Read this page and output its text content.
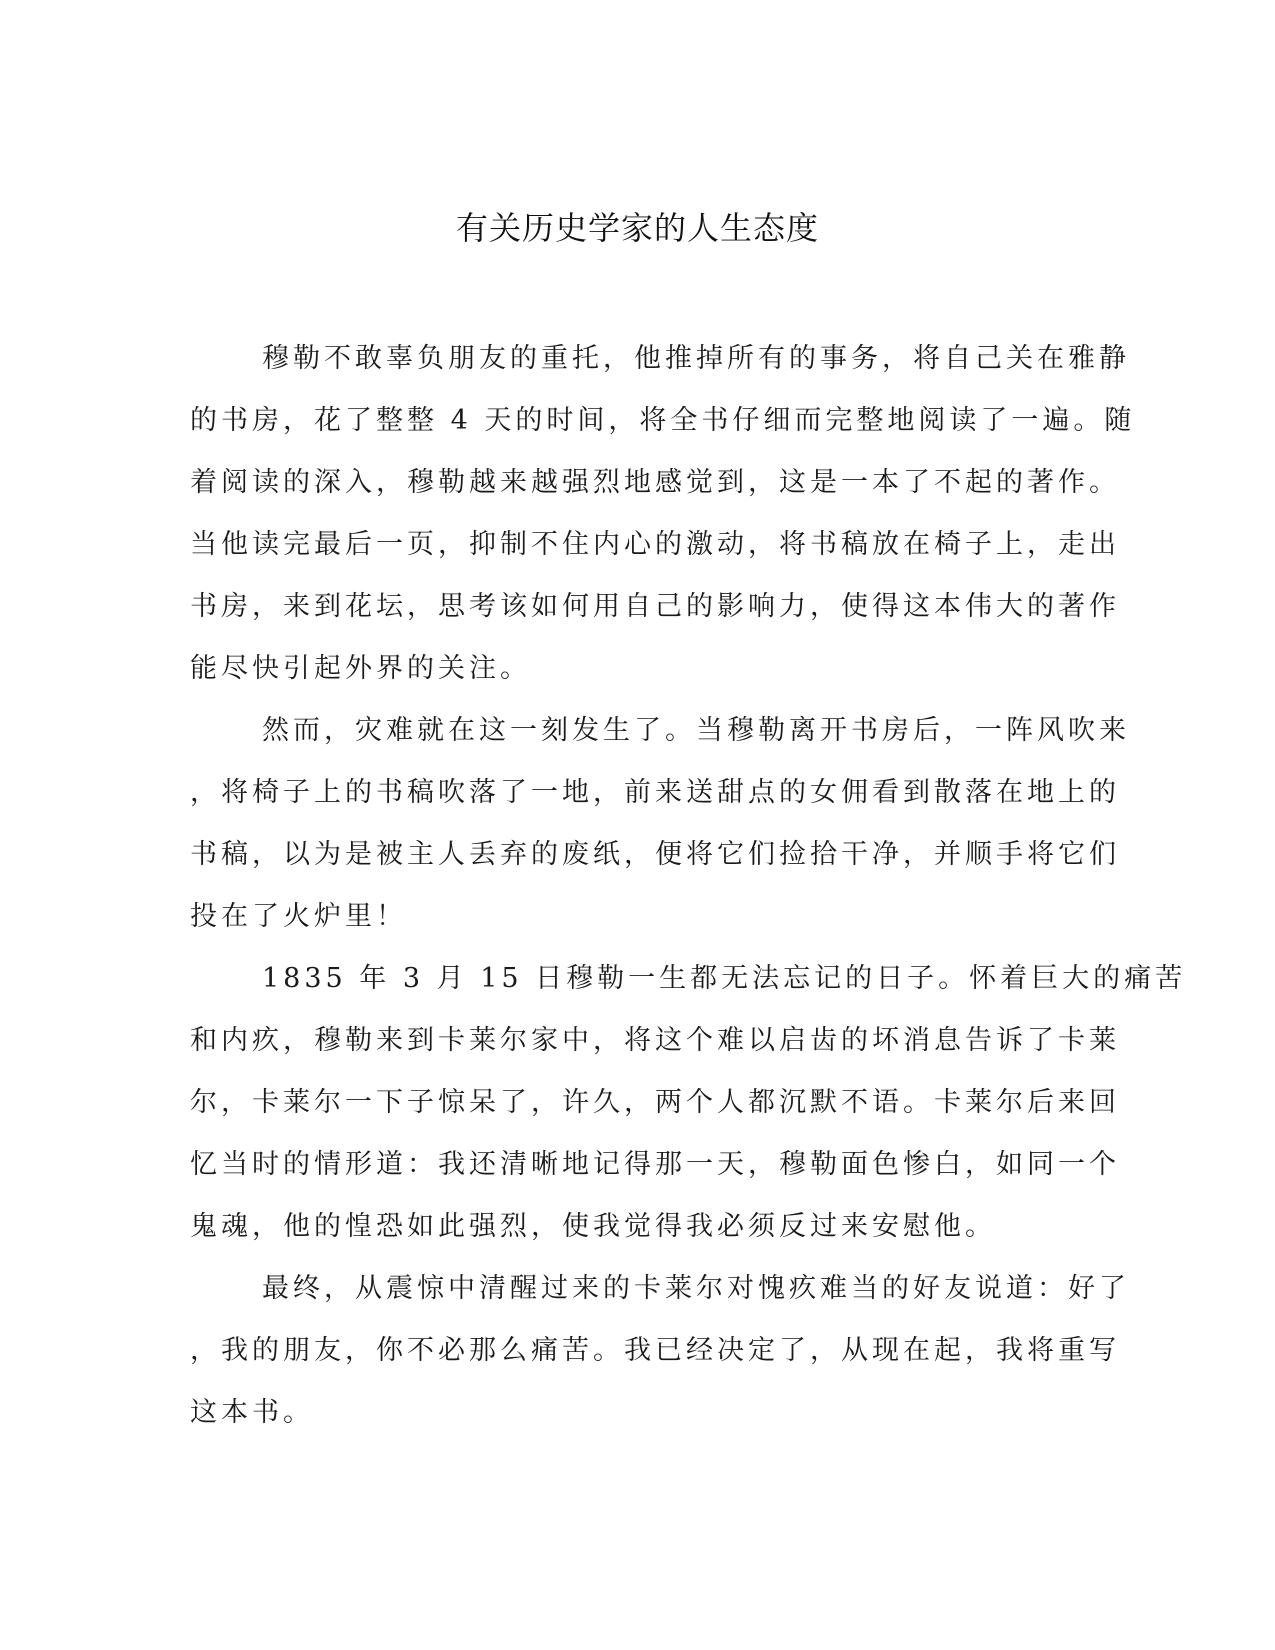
有关历史学家的人生态度
穆勒不敢辜负朋友的重托，他推掉所有的事务，将自己关在雅静
的书房，花了整整 4 天的时间，将全书仔细而完整地阅读了一遍。随
着阅读的深入，穆勒越来越强烈地感觉到，这是一本了不起的著作。
当他读完最后一页，抑制不住内心的激动，将书稿放在椅子上，走出
书房，来到花坛，思考该如何用自己的影响力，使得这本伟大的著作
能尽快引起外界的关注。
然而，灾难就在这一刻发生了。当穆勒离开书房后，一阵风吹来
，将椅子上的书稿吹落了一地，前来送甜点的女佣看到散落在地上的
书稿，以为是被主人丢弃的废纸，便将它们捡拾干净，并顺手将它们
投在了火炉里！
1835 年 3 月 15 日穆勒一生都无法忘记的日子。怀着巨大的痛苦
和内疚，穆勒来到卡莱尔家中，将这个难以启齿的坏消息告诉了卡莱
尔，卡莱尔一下子惊呆了，许久，两个人都沉默不语。卡莱尔后来回
忆当时的情形道：我还清晰地记得那一天，穆勒面色惨白，如同一个
鬼魂，他的惶恐如此强烈，使我觉得我必须反过来安慰他。
最终，从震惊中清醒过来的卡莱尔对愧疚难当的好友说道：好了
，我的朋友，你不必那么痛苦。我已经决定了，从现在起，我将重写
这本书。
